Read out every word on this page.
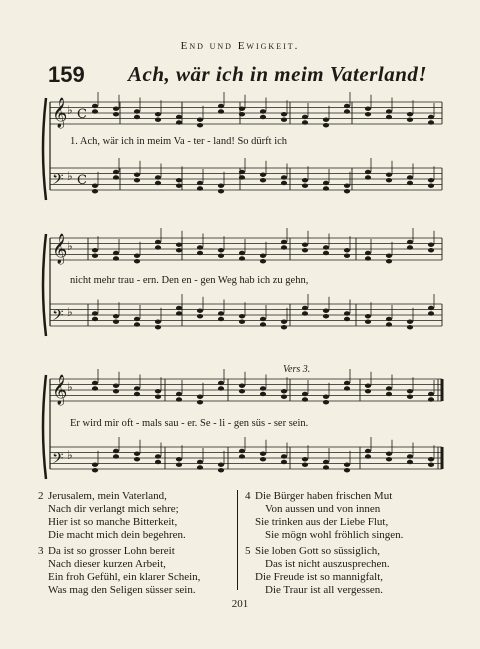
End und Ewigkeit.
159 Ach, wär ich in meim Vaterland!
𝄞 ♭ C
𝄢 ♭ C
𝄞 ♭
𝄢 ♭
𝄞 ♭
𝄢 ♭
1. Ach, wär ich in meim Va - ter - land! So dürft ich
nicht mehr trau - ern. Den en - gen Weg hab ich zu gehn,
Vers 3.
Er wird mir oft - mals sau - er. Se - li - gen süs - ser sein.
2 Jerusalem, mein Vaterland,
Nach dir verlangt mich sehre;
Hier ist so manche Bitterkeit,
Die macht mich dein begehren.
3 Da ist so grosser Lohn bereit
Nach dieser kurzen Arbeit,
Ein froh Gefühl, ein klarer Schein,
Was mag den Seligen süsser sein.
4 Die Bürger haben frischen Mut
Von aussen und von innen
Sie trinken aus der Liebe Flut,
Sie mögn wohl fröhlich singen.
5 Sie loben Gott so süssiglich,
Das ist nicht auszusprechen.
Die Freude ist so mannigfalt,
Die Traur ist all vergessen.
201
